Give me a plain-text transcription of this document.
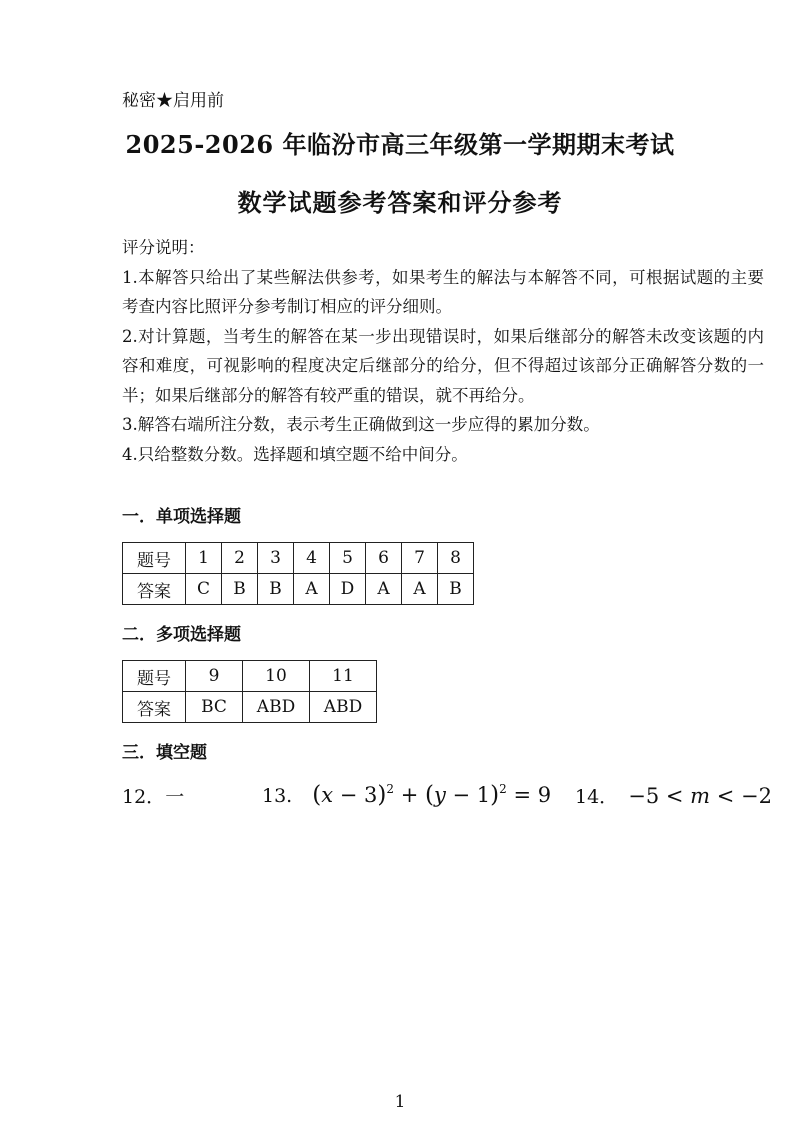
秘密★启用前
2025-2026 年临汾市高三年级第一学期期末考试
数学试题参考答案和评分参考

评分说明：

1.本解答只给出了某些解法供参考，如果考生的解法与本解答不同，可根据试题的主要考查内容比照评分参考制订相应的评分细则。

2.对计算题，当考生的解答在某一步出现错误时，如果后继部分的解答未改变该题的内容和难度，可视影响的程度决定后继部分的给分，但不得超过该部分正确解答分数的一半；如果后继部分的解答有较严重的错误，就不再给分。

3.解答右端所注分数，表示考生正确做到这一步应得的累加分数。

4.只给整数分数。选择题和填空题不给中间分。

一．单项选择题
题号	1	2	3	4	5	6	7	8
答案	C	B	B	A	D	A	A	B
二．多项选择题
题号	9	10	11
答案	BC	ABD	ABD
三．填空题
12．一	13. $(x - 3)^2 + (y - 1)^2 = 9$ 14． −5 < m < −2
1
